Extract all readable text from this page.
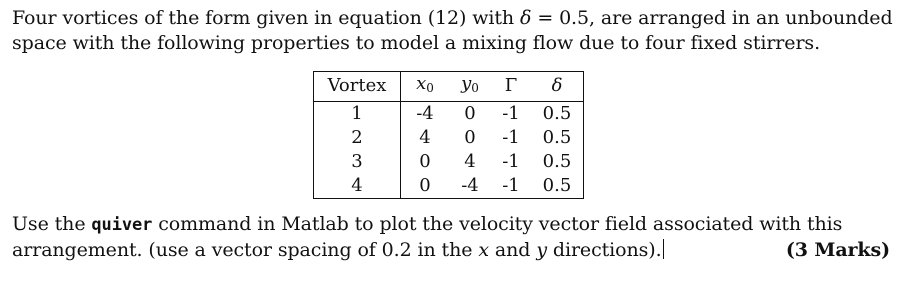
Four vortices of the form given in equation (12) with δ = 0.5, are arranged in an unbounded
space with the following properties to model a mixing flow due to four fixed stirrers.
Vortex	$x_0$	$y_0$	Γ	δ
1	-4	0	-1	0.5
2	4	0	-1	0.5
3	0	4	-1	0.5
4	0	-4	-1	0.5
Use the quiver command in Matlab to plot the velocity vector field associated with this
arrangement. (use a vector spacing of 0.2 in the x and y directions).	(3 Marks)
